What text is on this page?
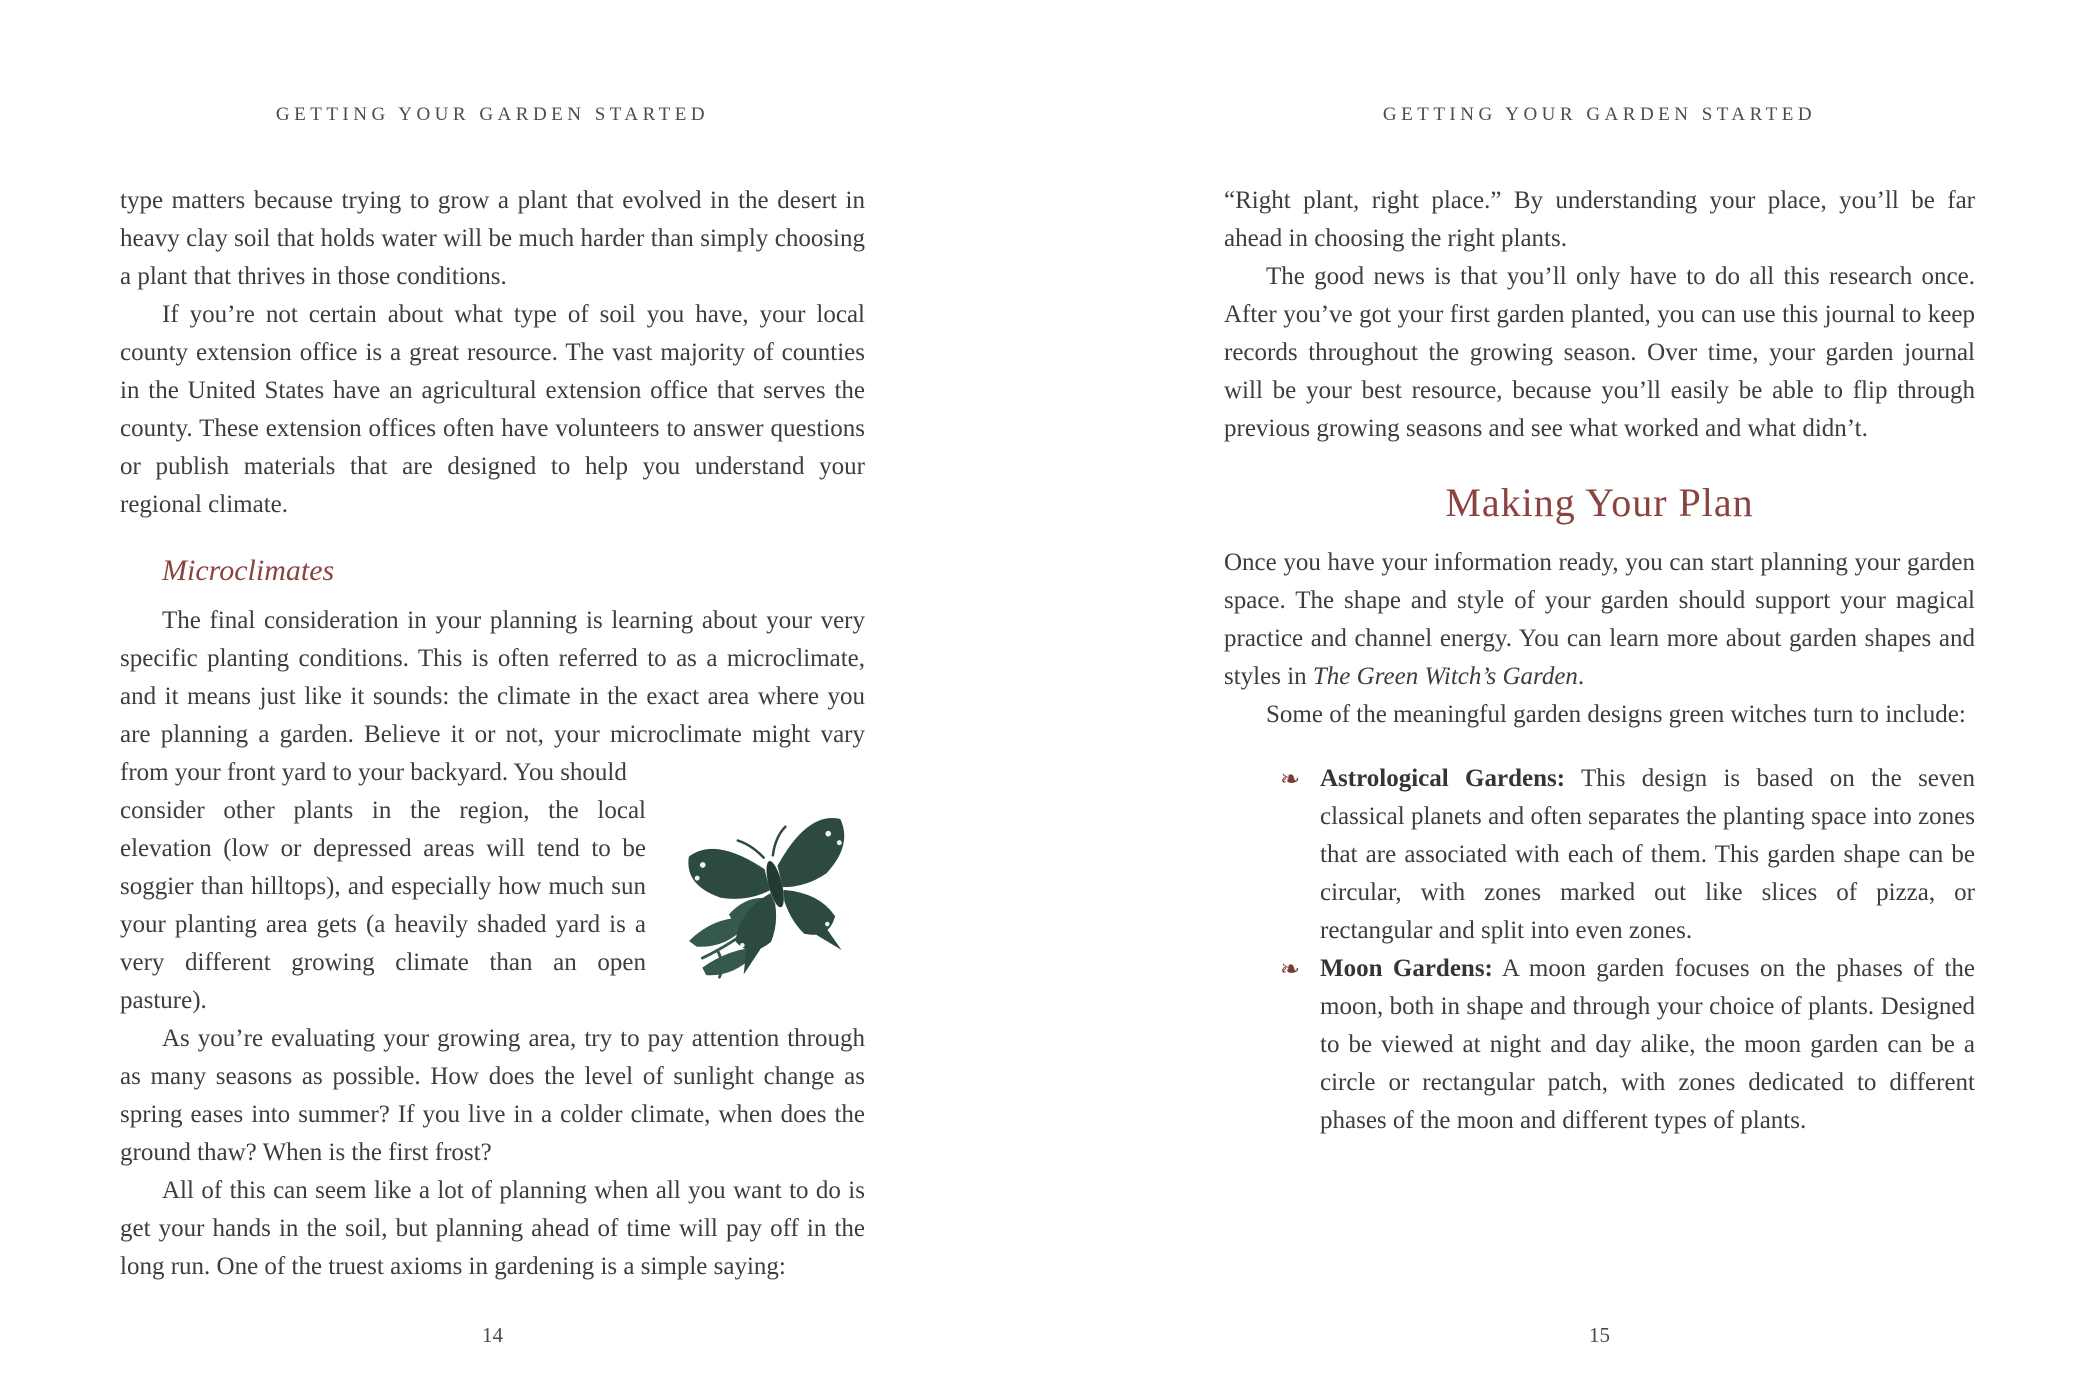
GETTING YOUR GARDEN STARTED

type matters because trying to grow a plant that evolved in the desert in heavy clay soil that holds water will be much harder than simply choosing a plant that thrives in those conditions.

If you’re not certain about what type of soil you have, your local county extension office is a great resource. The vast majority of counties in the United States have an agricultural extension office that serves the county. These extension offices often have volunteers to answer questions or publish materials that are designed to help you understand your regional climate.

Microclimates

The final consideration in your planning is learning about your very specific planting conditions. This is often referred to as a microclimate, and it means just like it sounds: the climate in the exact area where you are planning a garden. Believe it or not, your microclimate might vary from your front yard to your backyard. You should

consider other plants in the region, the local elevation (low or depressed areas will tend to be soggier than hilltops), and especially how much sun your planting area gets (a heavily shaded yard is a very different growing climate than an open pasture).

As you’re evaluating your growing area, try to pay attention through as many seasons as possible. How does the level of sunlight change as spring eases into summer? If you live in a colder climate, when does the ground thaw? When is the first frost?

All of this can seem like a lot of planning when all you want to do is get your hands in the soil, but planning ahead of time will pay off in the long run. One of the truest axioms in gardening is a simple saying:

14
GETTING YOUR GARDEN STARTED

“Right plant, right place.” By understanding your place, you’ll be far ahead in choosing the right plants.

The good news is that you’ll only have to do all this research once. After you’ve got your first garden planted, you can use this journal to keep records throughout the growing season. Over time, your garden journal will be your best resource, because you’ll easily be able to flip through previous growing seasons and see what worked and what didn’t.

Making Your Plan

Once you have your information ready, you can start planning your garden space. The shape and style of your garden should support your magical practice and channel energy. You can learn more about garden shapes and styles in The Green Witch’s Garden.

Some of the meaningful garden designs green witches turn to include:

❧ Astrological Gardens: This design is based on the seven classical planets and often separates the planting space into zones that are associated with each of them. This garden shape can be circular, with zones marked out like slices of pizza, or rectangular and split into even zones.
❧ Moon Gardens: A moon garden focuses on the phases of the moon, both in shape and through your choice of plants. Designed to be viewed at night and day alike, the moon garden can be a circle or rectangular patch, with zones dedicated to different phases of the moon and different types of plants.
15
